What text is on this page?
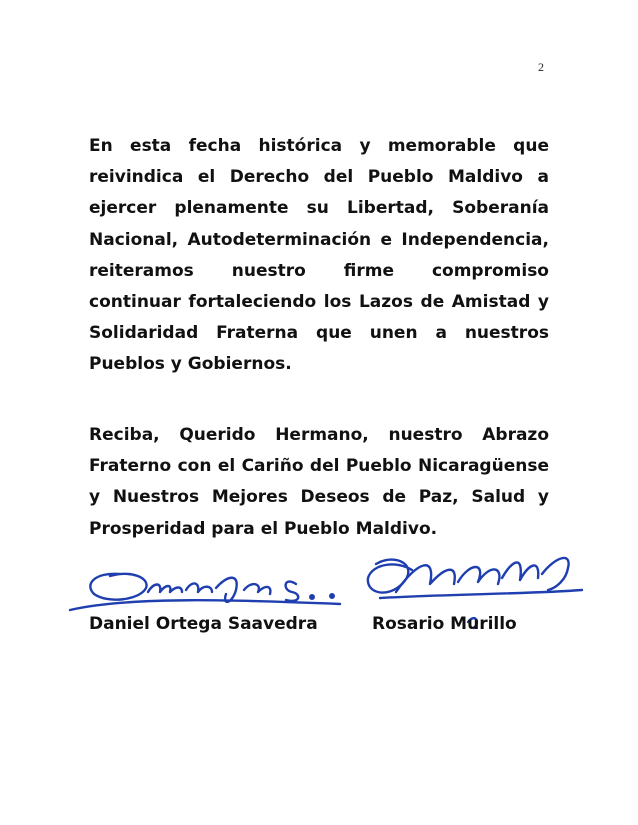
2

En esta fecha histórica y memorable que reivindica el Derecho del Pueblo Maldivo a ejercer plenamente su Libertad, Soberanía Nacional, Autodeterminación e Independencia, reiteramos nuestro firme compromiso continuar fortaleciendo los Lazos de Amistad y Solidaridad Fraterna que unen a nuestros Pueblos y Gobiernos.

Reciba, Querido Hermano, nuestro Abrazo Fraterno con el Cariño del Pueblo Nicaragüense y Nuestros Mejores Deseos de Paz, Salud y Prosperidad para el Pueblo Maldivo.

Daniel Ortega Saavedra	Rosario Murillo
